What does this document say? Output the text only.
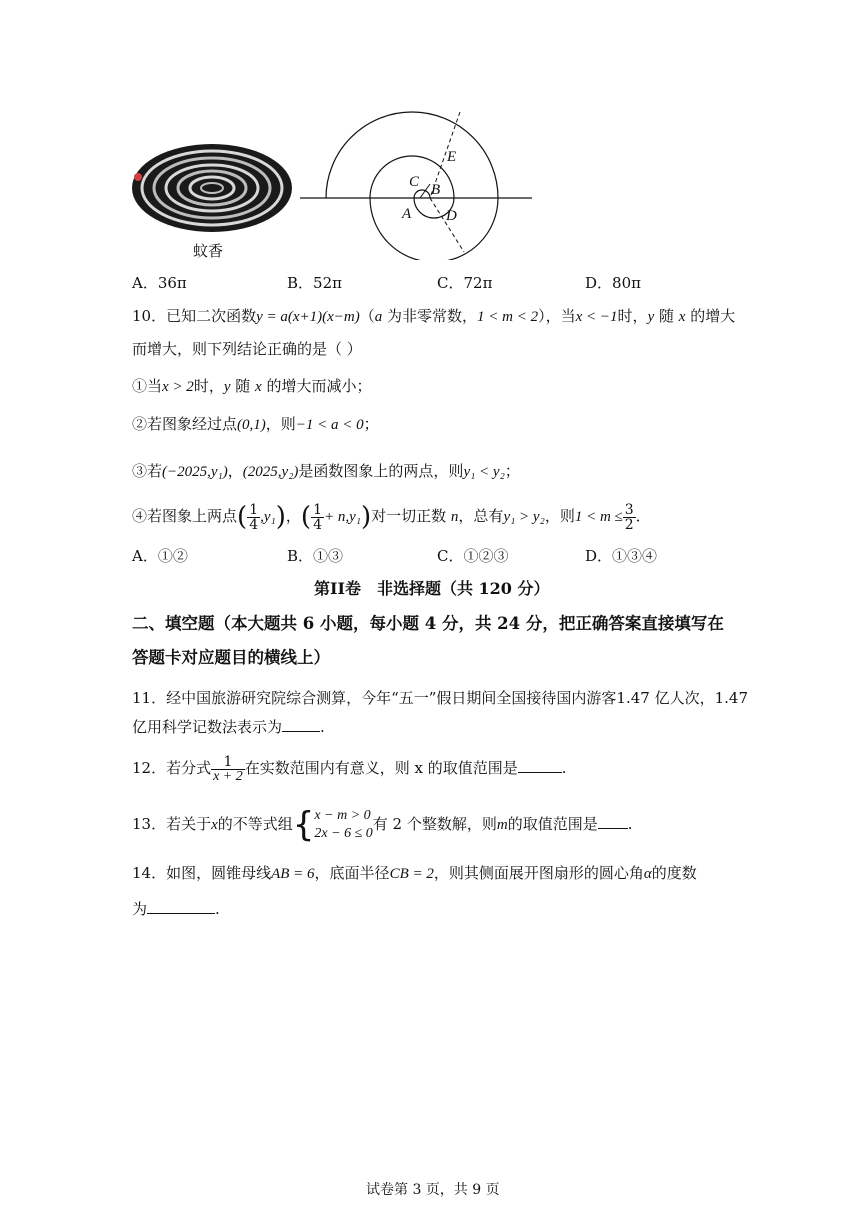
蚊香
E
C B
A D
A．36π	B．52π	C．72π	D．80π
10．已知二次函数y = a(x+1)(x−m)（a 为非零常数，1 < m < 2），当x < −1时，y 随 x 的增大
而增大，则下列结论正确的是（ ）
①当x > 2时，y 随 x 的增大而减小；
②若图象经过点(0,1)，则−1 < a < 0；
③若(−2025,y₁)，(2025,y₂)是函数图象上的两点，则y₁ < y₂；
④若图象上两点( $\frac{1}{4} ,y_1$)，( $\frac{1}{4} + n,y_1$)对一切正数 n，总有y₁ > y₂，则$1 < m \le \frac{3}{2}$ ．
A．①②	B．①③	C．①②③	D．①③④
第II卷　非选择题（共 120 分）
二、填空题（本大题共 6 小题，每小题 4 分，共 24 分，把正确答案直接填写在
答题卡对应题目的横线上）
11．经中国旅游研究院综合测算，今年“五一”假日期间全国接待国内游客1.47 亿人次，1.47
亿用科学记数法表示为	.
12．若分式 $\frac{1}{x + 2}$ 在实数范围内有意义，则 x 的取值范围是	.
13．若关于x的不等式组{ x − m > 0
2x − 6 ≤ 0
有 2 个整数解，则m的取值范围是 .
14．如图，圆锥母线AB = 6，底面半径CB = 2，则其侧面展开图扇形的圆心角α的度数
为	.
试卷第 3 页，共 9 页
